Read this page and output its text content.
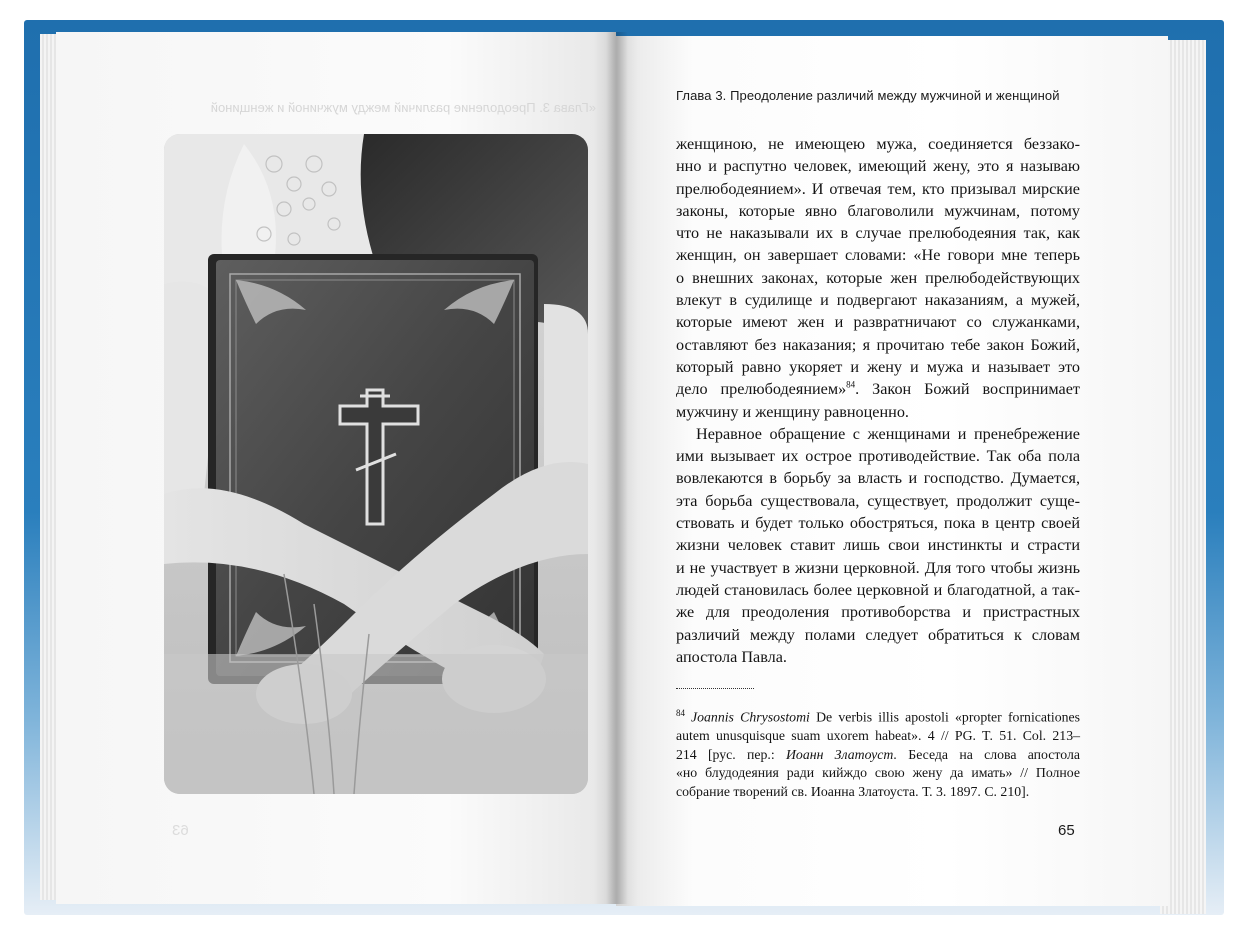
«Глава 3. Преодоление различий между мужчиной и женщиной
63
Глава 3. Преодоление различий между мужчиной и женщиной
женщиною, не имеющею мужа, соединяется беззако-
нно и распутно человек, имеющий жену, это я называю
прелюбодеянием». И отвечая тем, кто призывал мирские
законы, которые явно благоволили мужчинам, потому
что не наказывали их в случае прелюбодеяния так, как
женщин, он завершает словами: «Не говори мне теперь
о внешних законах, которые жен прелюбодействующих
влекут в судилище и подвергают наказаниям, а мужей,
которые имеют жен и развратничают со служанками,
оставляют без наказания; я прочитаю тебе закон Божий,
который равно укоряет и жену и мужа и называет это
дело прелюбодеянием»$^{84}$. Закон Божий воспринимает
мужчину и женщину равноценно.
Неравное обращение с женщинами и пренебрежение
ими вызывает их острое противодействие. Так оба пола
вовлекаются в борьбу за власть и господство. Думается,
эта борьба существовала, существует, продолжит суще-
ствовать и будет только обостряться, пока в центр своей
жизни человек ставит лишь свои инстинкты и страсти
и не участвует в жизни церковной. Для того чтобы жизнь
людей становилась более церковной и благодатной, а так-
же для преодоления противоборства и пристрастных
различий между полами следует обратиться к словам
апостола Павла.
$^{84}$ Joannis Chrysostomi De verbis illis apostoli «propter fornicationes
autem unusquisque suam uxorem habeat». 4 // PG. T. 51. Col. 213–
214 [рус. пер.: Иоанн Златоуст. Беседа на слова апостола
«но блудодеяния ради кийждо свою жену да имать» // Полное
собрание творений св. Иоанна Златоуста. Т. 3. 1897. С. 210].
65
